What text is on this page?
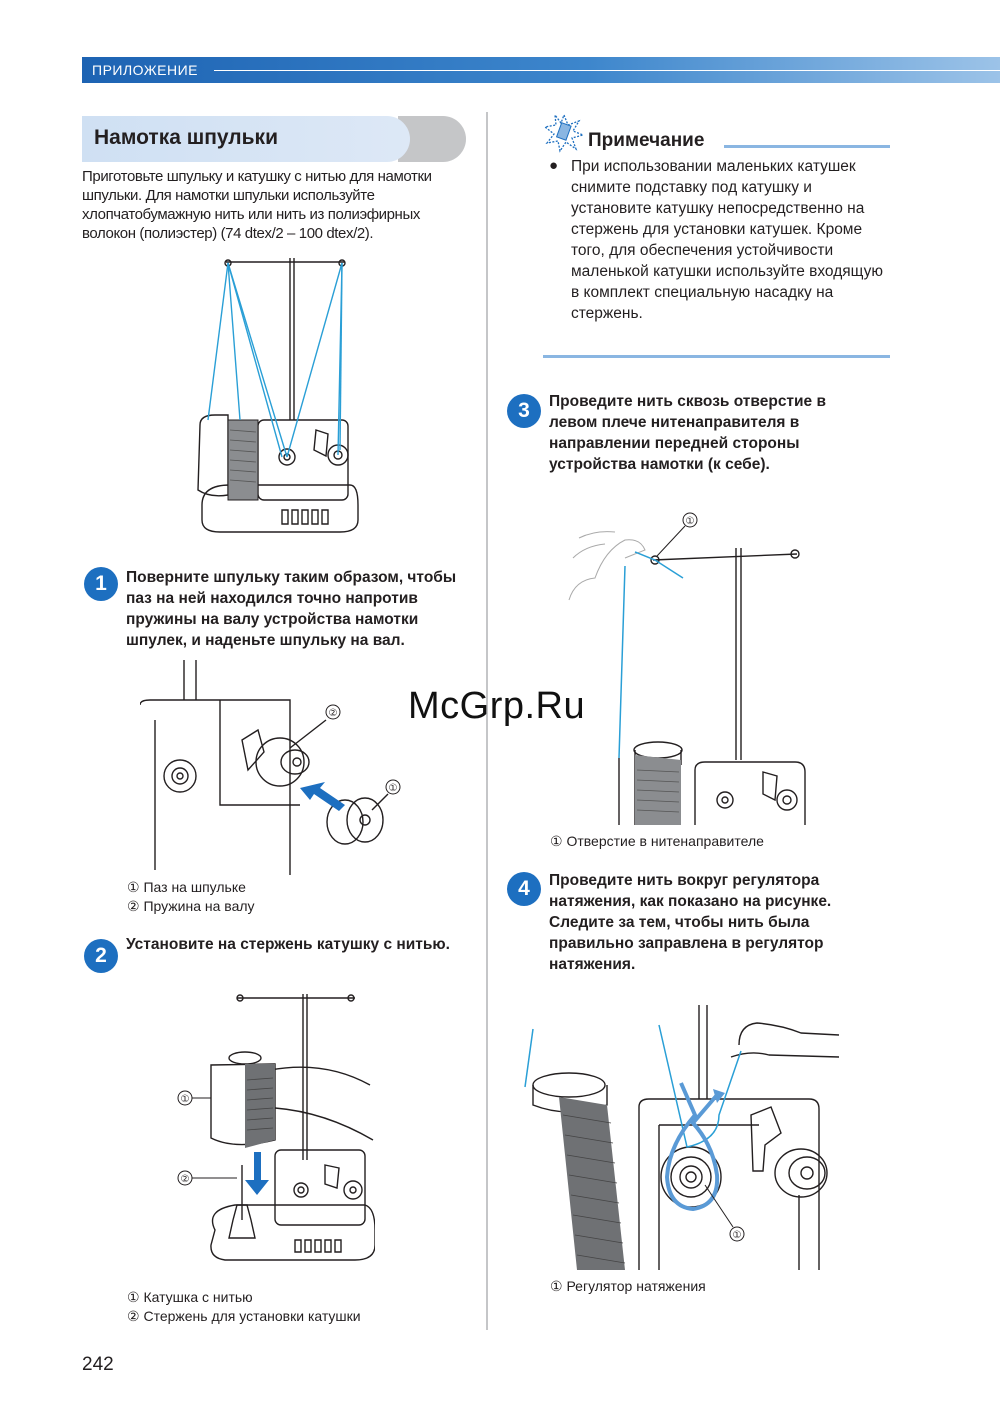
ПРИЛОЖЕНИЕ
Намотка шпульки
Приготовьте шпульку и катушку с нитью для намотки шпульки. Для намотки шпульки используйте хлопчатобумажную нить или нить из полиэфирных волокон (полиэстер) (74 dtex/2 – 100 dtex/2).
1	Поверните шпульку таким образом, чтобы паз на ней находился точно напротив пружины на валу устройства намотки шпулек, и наденьте шпульку на вал.
②
①
① Паз на шпульке
② Пружина на валу
2	Установите на стержень катушку с нитью.
①
②
① Катушка с нитью
② Стержень для установки катушки
Примечание
● При использовании маленьких катушек снимите подставку под катушку и установите катушку непосредственно на стержень для установки катушек. Кроме того, для обеспечения устойчивости маленькой катушки используйте входящую в комплект специальную насадку на стержень.
3	Проведите нить сквозь отверстие в левом плече нитенаправителя в направлении передней стороны устройства намотки (к себе).
①
① Отверстие в нитенаправителе
4	Проведите нить вокруг регулятора натяжения, как показано на рисунке. Следите за тем, чтобы нить была правильно заправлена в регулятор натяжения.
①
① Регулятор натяжения
McGrp.Ru
242
